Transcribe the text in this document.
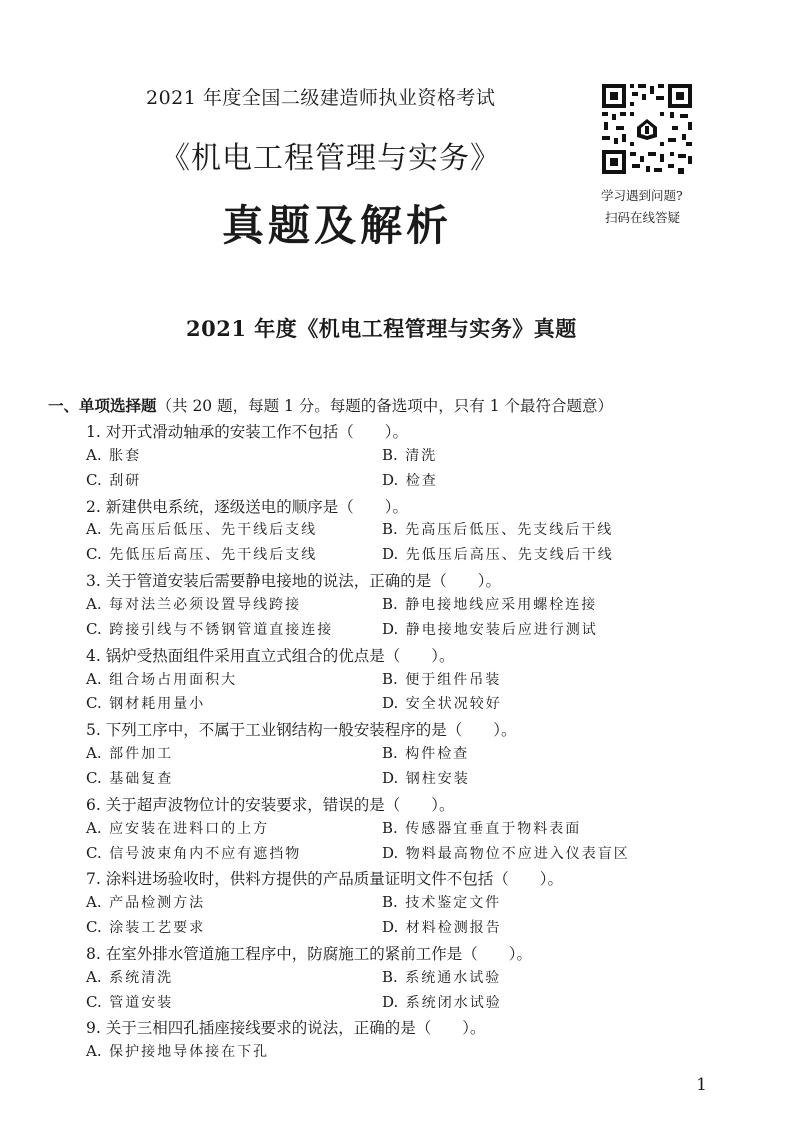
2021 年度全国二级建造师执业资格考试
《机电工程管理与实务》
真题及解析
学习遇到问题?
扫码在线答疑
2021 年度《机电工程管理与实务》真题
一、单项选择题（共 20 题，每题 1 分。每题的备选项中，只有 1 个最符合题意）
1. 对开式滑动轴承的安装工作不包括（　　）。
A.  胀套	B.  清洗
C.  刮研	D.  检查
2. 新建供电系统，逐级送电的顺序是（　　）。
A.  先高压后低压、先干线后支线	B.  先高压后低压、先支线后干线
C.  先低压后高压、先干线后支线	D.  先低压后高压、先支线后干线
3. 关于管道安装后需要静电接地的说法，正确的是（　　）。
A.  每对法兰必须设置导线跨接	B.  静电接地线应采用螺栓连接
C.  跨接引线与不锈钢管道直接连接	D.  静电接地安装后应进行测试
4. 锅炉受热面组件采用直立式组合的优点是（　　）。
A.  组合场占用面积大	B.  便于组件吊装
C.  钢材耗用量小	D.  安全状况较好
5. 下列工序中，不属于工业钢结构一般安装程序的是（　　）。
A.  部件加工	B.  构件检查
C.  基础复查	D.  钢柱安装
6. 关于超声波物位计的安装要求，错误的是（　　）。
A.  应安装在进料口的上方	B.  传感器宜垂直于物料表面
C.  信号波束角内不应有遮挡物	D.  物料最高物位不应进入仪表盲区
7. 涂料进场验收时，供料方提供的产品质量证明文件不包括（　　）。
A.  产品检测方法	B.  技术鉴定文件
C.  涂装工艺要求	D.  材料检测报告
8. 在室外排水管道施工程序中，防腐施工的紧前工作是（　　）。
A.  系统清洗	B.  系统通水试验
C.  管道安装	D.  系统闭水试验
9. 关于三相四孔插座接线要求的说法，正确的是（　　）。
A.  保护接地导体接在下孔
1
